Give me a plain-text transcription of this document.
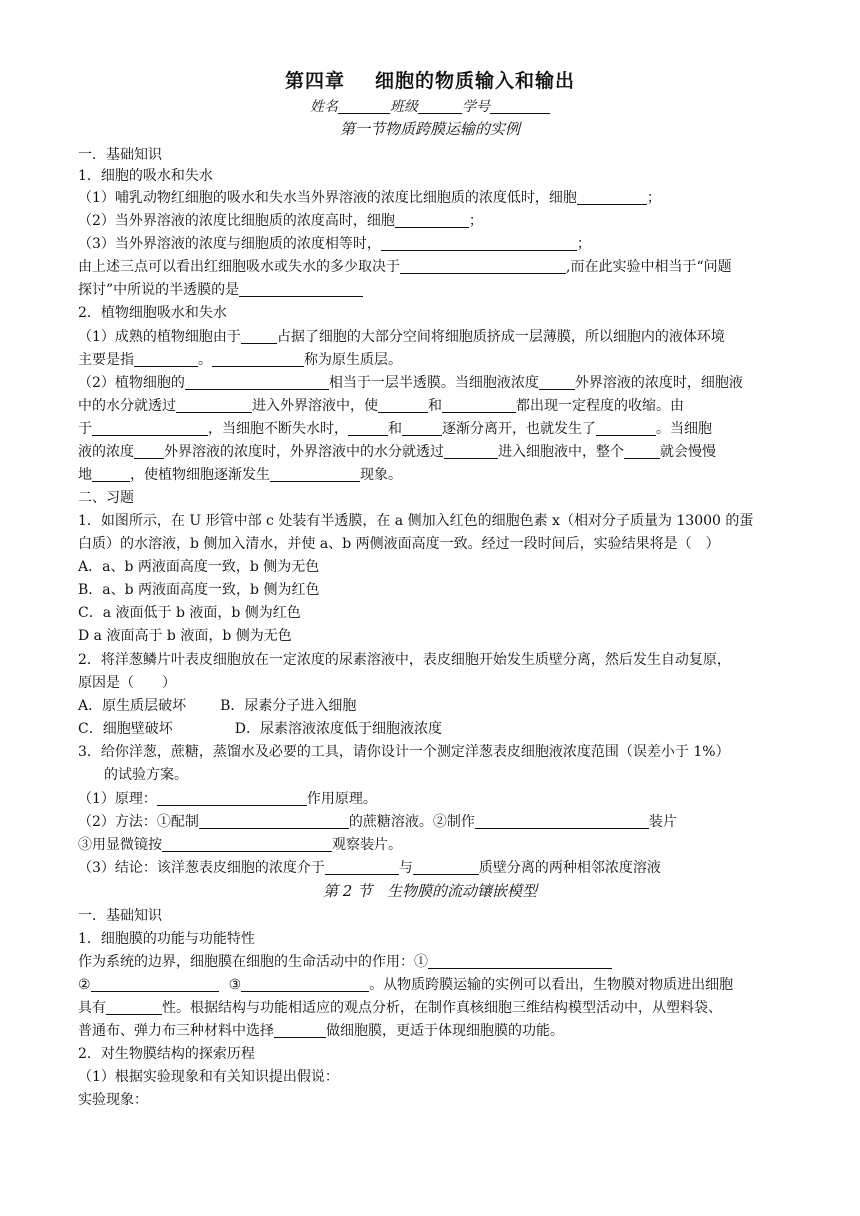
第四章 细胞的物质输入和输出
姓名	班级	学号
第一节物质跨膜运输的实例
一．基础知识
1．细胞的吸水和失水
（1）哺乳动物红细胞的吸水和失水当外界溶液的浓度比细胞质的浓度低时，细胞	；
（2）当外界溶液的浓度比细胞质的浓度高时，细胞	；
（3）当外界溶液的浓度与细胞质的浓度相等时，	；
由上述三点可以看出红细胞吸水或失水的多少取决于	,而在此实验中相当于“问题
探讨”中所说的半透膜的是
2．植物细胞吸水和失水
（1）成熟的植物细胞由于	占据了细胞的大部分空间将细胞质挤成一层薄膜，所以细胞内的液体环境
主要是指	。	称为原生质层。
（2）植物细胞的	相当于一层半透膜。当细胞液浓度	外界溶液的浓度时，细胞液
中的水分就透过	进入外界溶液中，使	和	都出现一定程度的收缩。由
于	，当细胞不断失水时，	和	逐渐分离开，也就发生了	。当细胞
液的浓度 外界溶液的浓度时，外界溶液中的水分就透过	进入细胞液中，整个	就会慢慢
地	，使植物细胞逐渐发生	现象。
二、习题
1．如图所示，在 U 形管中部 c 处装有半透膜，在 a 侧加入红色的细胞色素 x（相对分子质量为 13000 的蛋
白质）的水溶液，b 侧加入清水，并使 a、b 两侧液面高度一致。经过一段时间后，实验结果将是（　）
A．a、b 两液面高度一致，b 侧为无色
B．a、b 两液面高度一致，b 侧为红色
C．a 液面低于 b 液面，b 侧为红色
D a 液面高于 b 液面，b 侧为无色
2．将洋葱鳞片叶表皮细胞放在一定浓度的尿素溶液中，表皮细胞开始发生质壁分离，然后发生自动复原，
原因是（　　）
A．原生质层破坏 B．尿素分子进入细胞
C．细胞壁破坏	D．尿素溶液浓度低于细胞液浓度
3．给你洋葱，蔗糖，蒸馏水及必要的工具，请你设计一个测定洋葱表皮细胞液浓度范围（误差小于 1%）
的试验方案。
（1）原理：	作用原理。
（2）方法：①配制	的蔗糖溶液。②制作	装片
③用显微镜按	观察装片。
（3）结论：该洋葱表皮细胞的浓度介于	与	质壁分离的两种相邻浓度溶液
第 2 节　生物膜的流动镶嵌模型
一．基础知识
1．细胞膜的功能与功能特性
作为系统的边界，细胞膜在细胞的生命活动中的作用：①
②	③	。从物质跨膜运输的实例可以看出，生物膜对物质进出细胞
具有	性。根据结构与功能相适应的观点分析，在制作真核细胞三维结构模型活动中，从塑料袋、
普通布、弹力布三种材料中选择	做细胞膜，更适于体现细胞膜的功能。
2．对生物膜结构的探索历程
（1）根据实验现象和有关知识提出假说：
实验现象：
